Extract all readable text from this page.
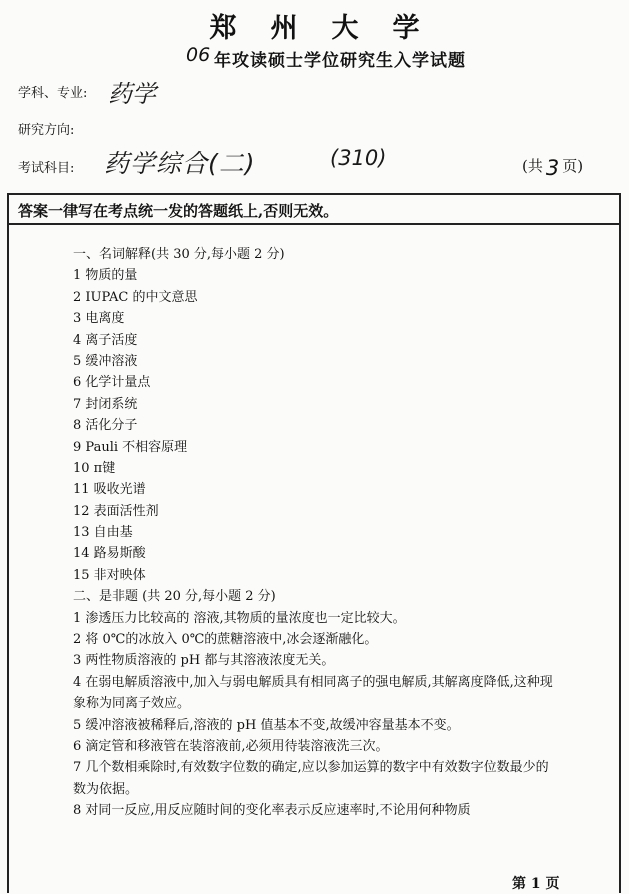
郑州大学
06 年攻读硕士学位研究生入学试题
学科、专业: 药学
研究方向:
考试科目: 药学综合(二)	(310)	(共 3 页)
答案一律写在考点统一发的答题纸上,否则无效。
一、名词解释(共 30 分,每小题 2 分)
1 物质的量
2 IUPAC 的中文意思
3 电离度
4 离子活度
5 缓冲溶液
6 化学计量点
7 封闭系统
8 活化分子
9 Pauli 不相容原理
10 π键
11 吸收光谱
12 表面活性剂
13 自由基
14 路易斯酸
15 非对映体
二、是非题 (共 20 分,每小题 2 分)
1 渗透压力比较高的 溶液,其物质的量浓度也一定比较大。
2 将 0℃的冰放入 0℃的蔗糖溶液中,冰会逐渐融化。
3 两性物质溶液的 pH 都与其溶液浓度无关。
4 在弱电解质溶液中,加入与弱电解质具有相同离子的强电解质,其解离度降低,这种现象称为同离子效应。
5 缓冲溶液被稀释后,溶液的 pH 值基本不变,故缓冲容量基本不变。
6 滴定管和移液管在装溶液前,必须用待装溶液洗三次。
7 几个数相乘除时,有效数字位数的确定,应以参加运算的数字中有效数字位数最少的数为依据。
8 对同一反应,用反应随时间的变化率表示反应速率时,不论用何种物质
第 1 页
